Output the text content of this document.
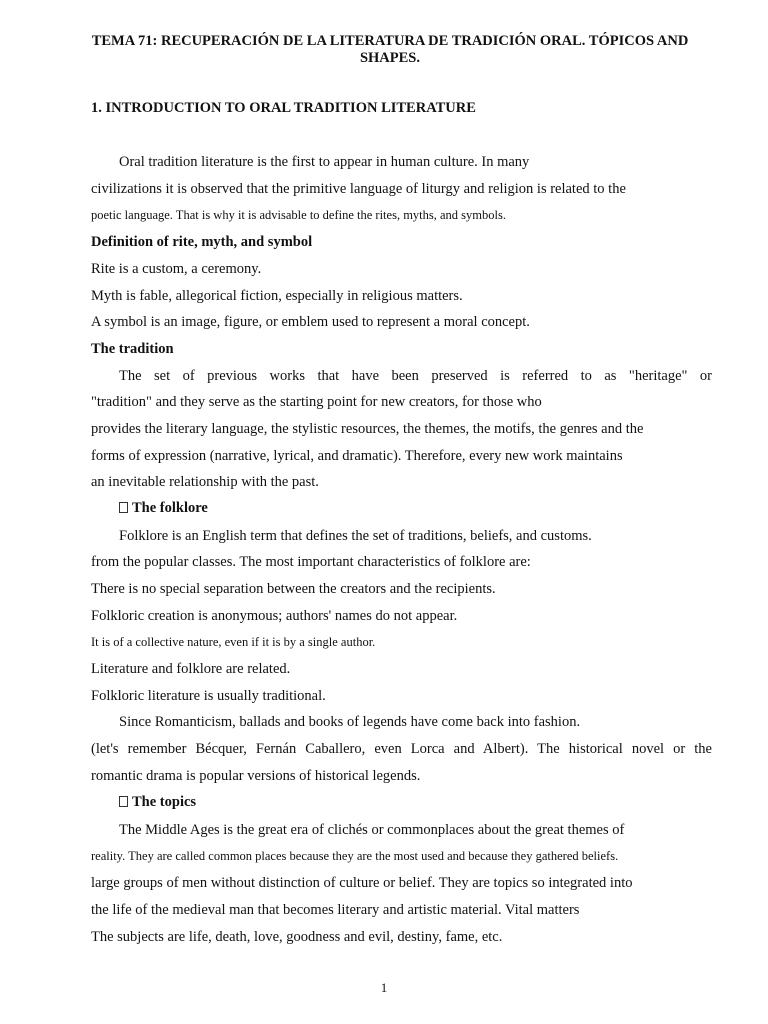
TEMA 71: RECUPERACIÓN DE LA LITERATURA DE TRADICIÓN ORAL. TÓPICOS AND SHAPES.
1. INTRODUCTION TO ORAL TRADITION LITERATURE
Oral tradition literature is the first to appear in human culture. In many
civilizations it is observed that the primitive language of liturgy and religion is related to the
poetic language. That is why it is advisable to define the rites, myths, and symbols.
Definition of rite, myth, and symbol
Rite is a custom, a ceremony.
Myth is fable, allegorical fiction, especially in religious matters.
A symbol is an image, figure, or emblem used to represent a moral concept.
The tradition
The set of previous works that have been preserved is referred to as "heritage" or
"tradition" and they serve as the starting point for new creators, for those who
provides the literary language, the stylistic resources, the themes, the motifs, the genres and the
forms of expression (narrative, lyrical, and dramatic). Therefore, every new work maintains
an inevitable relationship with the past.
The folklore
Folklore is an English term that defines the set of traditions, beliefs, and customs.
from the popular classes. The most important characteristics of folklore are:
There is no special separation between the creators and the recipients.
Folkloric creation is anonymous; authors' names do not appear.
It is of a collective nature, even if it is by a single author.
Literature and folklore are related.
Folkloric literature is usually traditional.
Since Romanticism, ballads and books of legends have come back into fashion.
(let's remember Bécquer, Fernán Caballero, even Lorca and Albert). The historical novel or the
romantic drama is popular versions of historical legends.
The topics
The Middle Ages is the great era of clichés or commonplaces about the great themes of
reality. They are called common places because they are the most used and because they gathered beliefs.
large groups of men without distinction of culture or belief. They are topics so integrated into
the life of the medieval man that becomes literary and artistic material. Vital matters
The subjects are life, death, love, goodness and evil, destiny, fame, etc.
1
